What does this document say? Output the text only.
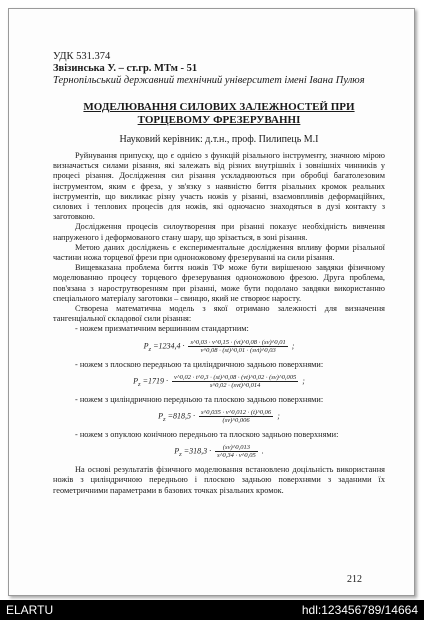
УДК 531.374
Звізинська У. – ст.гр. МТм - 51
Тернопільський державний технічний університет імені Івана Пулюя
МОДЕЛЮВАННЯ СИЛОВИХ ЗАЛЕЖНОСТЕЙ ПРИ ТОРЦЕВОМУ ФРЕЗЕРУВАННІ
Науковий керівник: д.т.н., проф. Пилипець М.І

Руйнування припуску, що є однією з функцій різального інструменту, значною мірою визначається силами різання, які залежать від різних внутрішніх і зовнішніх чинників у процесі різання. Дослідження сил різання ускладнюються при обробці багатолезовим інструментом, яким є фреза, у зв'язку з наявністю биття різальних кромок реальних інструментів, що викликає різну участь ножів у різанні, взаємовпливів деформаційних, силових і теплових процесів для ножів, які одночасно знаходяться в дузі контакту з заготовкою.

Дослідження процесів силоутворення при різанні показує необхідність вивчення напруженого і деформованого стану шару, що зрізається, в зоні різання.

Метою даних досліджень є експериментальне дослідження впливу форми різальної частини ножа торцевої фрези при одноножовому фрезеруванні на сили різання.

Вищевказана проблема биття ножів ТФ може бути вирішеною завдяки фізичному моделюванню процесу торцевого фрезерування одноножовою фрезою. Друга проблема, пов'язана з нарострутворенням при різанні, може бути подолано завдяки використанню спеціального матеріалу заготовки – свинцю, який не створює наросту.

Створена математична модель з якої отримано залежності для визначення тангенціальної складової сили різання:

- ножем призматичним вершинним стандартним:

$P_z =1234,4 \cdot \frac{s\^{}0,03 \cdot v\^{}0,15 \cdot (vt)\^{}0,08 \cdot (sv)\^{}0,01}{\text{v\textasciicircum{}0,08 · (st)\textasciicircum{}0,01 · (svt)\textasciicircum{}0,03}}$ ;

- ножем з плоскою передньою та циліндричною задньою поверхнями:

$P_z =1719 \cdot \frac{v\^{}0,02 \cdot t\^{}0,3 \cdot (st)\^{}0,08 \cdot (vt)\^{}0,02 \cdot (sv)\^{}0,005}{\text{s\textasciicircum{}0,02 · (svt)\textasciicircum{}0,014}}$ ;

- ножем з циліндричною передньою та плоскою задньою поверхнями:

$P_z =818,5 \cdot \frac{s\^{}0,035 \cdot v\^{}0,012 \cdot (t)\^{}0,06}{(sv)\^{}0,006}$ ;

- ножем з опуклою конічною передньою та плоскою задньою поверхнями:

$P_z =318,3 \cdot \frac{(sv)\^{}0,013}{s\^{}0,34 \cdot v\^{}0,05}$ .

На основі результатів фізичного моделювання встановлено доцільність використання ножів з циліндричною передньою і плоскою задньою поверхнями з заданими їх геометричними параметрами в базових точках різальних кромок.

212
ELARTU	hdl:123456789/14664
